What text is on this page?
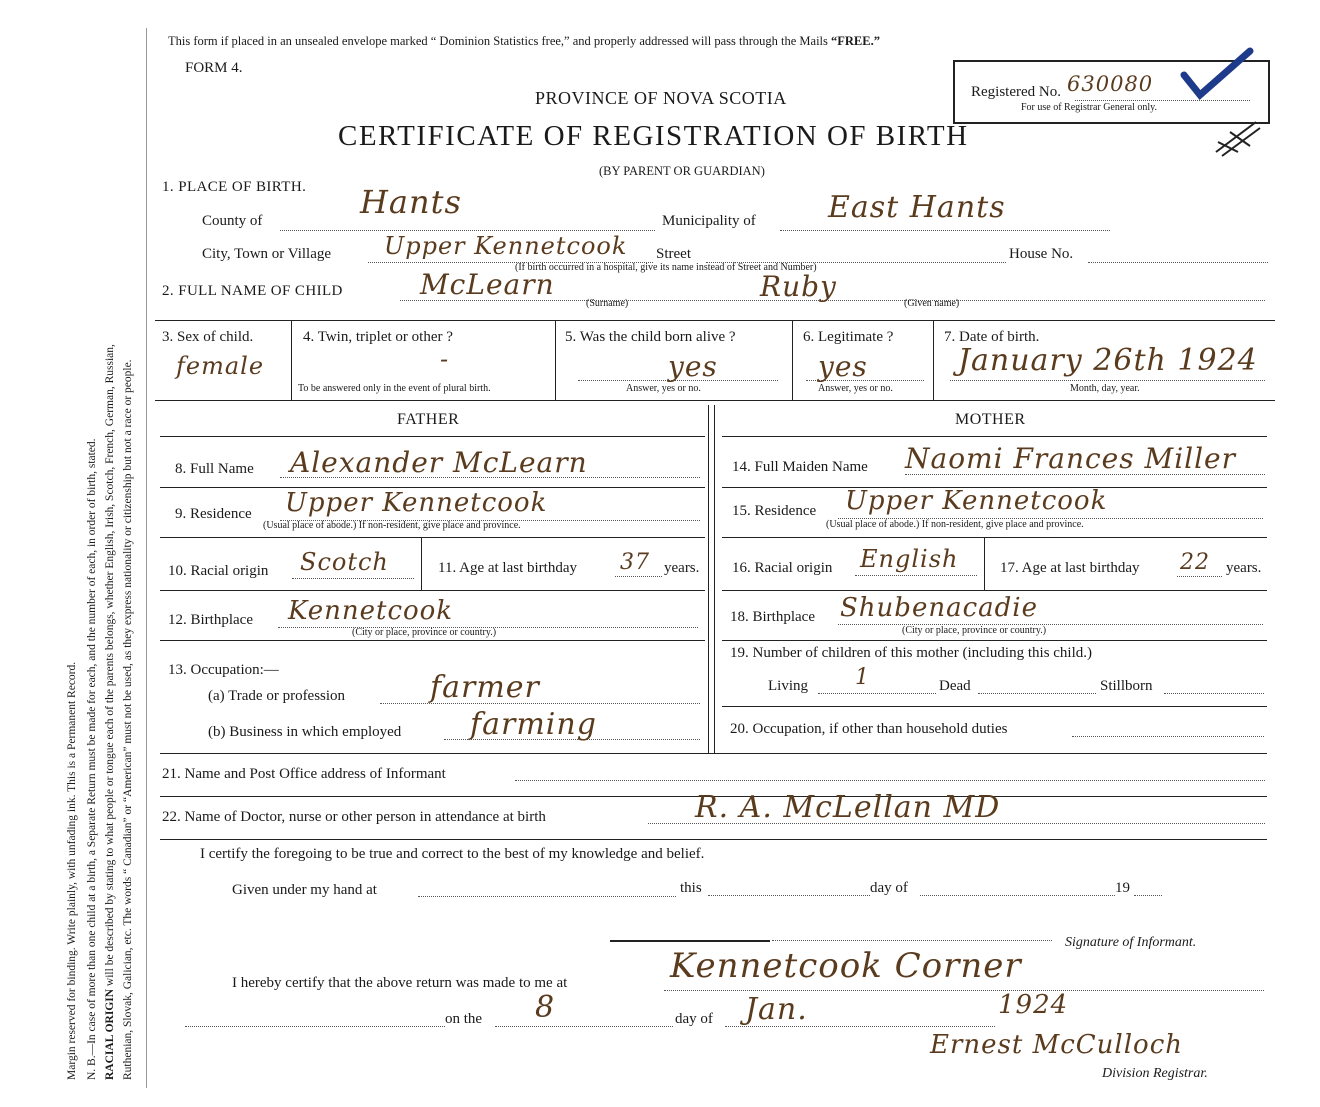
Margin reserved for binding. Write plainly, with unfading ink. This is a Permanent Record. N. B.—In case of more than one child at a birth, a Separate Return must be made for each, and the number of each, in order of birth, stated. RACIAL ORIGIN will be described by stating to what people or tongue each of the parents belongs, whether English, Irish, Scotch, French, German, Russian, Ruthenian, Slovak, Galician, etc. The words “ Canadian” or “American” must not be used, as they express nationality or citizenship but not a race or people.
This form if placed in an unsealed envelope marked “ Dominion Statistics free,” and properly addressed will pass through the Mails “FREE.”
FORM 4.
PROVINCE OF NOVA SCOTIA
CERTIFICATE OF REGISTRATION OF BIRTH
(BY PARENT OR GUARDIAN)
Registered No. 630080
For use of Registrar General only.
1. PLACE OF BIRTH.
County of	Hants	Municipality of East Hants
City, Town or Village Upper Kennetcook Street	House No.
(If birth occurred in a hospital, give its name instead of Street and Number)
2. FULL NAME OF CHILD	McLearn
(Surname)
Ruby
(Given name)
3. Sex of child.
female
4. Twin, triplet or other ?
-
To be answered only in the event of plural birth.
5. Was the child born alive ?
yes
Answer, yes or no.
6. Legitimate ?
yes
Answer, yes or no.
7. Date of birth.
January 26th 1924
Month, day, year.
FATHER	MOTHER
8. Full Name Alexander McLearn
9. Residence Upper Kennetcook
(Usual place of abode.) If non-resident, give place and province.
10. Racial origin Scotch	11. Age at last birthday 37 years.
12. Birthplace Kennetcook
(City or place, province or country.)
13. Occupation:—
(a) Trade or profession	farmer
(b) Business in which employed farming
14. Full Maiden Name Naomi Frances Miller
15. Residence Upper Kennetcook
(Usual place of abode.) If non-resident, give place and province.
16. Racial origin English	17. Age at last birthday 22 years.
18. Birthplace Shubenacadie
(City or place, province or country.)
19. Number of children of this mother (including this child.)
Living 1	Dead	Stillborn
20. Occupation, if other than household duties
21. Name and Post Office address of Informant
22. Name of Doctor, nurse or other person in attendance at birth	R. A. McLellan MD
I certify the foregoing to be true and correct to the best of my knowledge and belief.
Given under my hand at	this	day of	19
Signature of Informant.
I hereby certify that the above return was made to me at	Kennetcook Corner
on the 8	day of Jan.	1924
Ernest McCulloch
Division Registrar.
